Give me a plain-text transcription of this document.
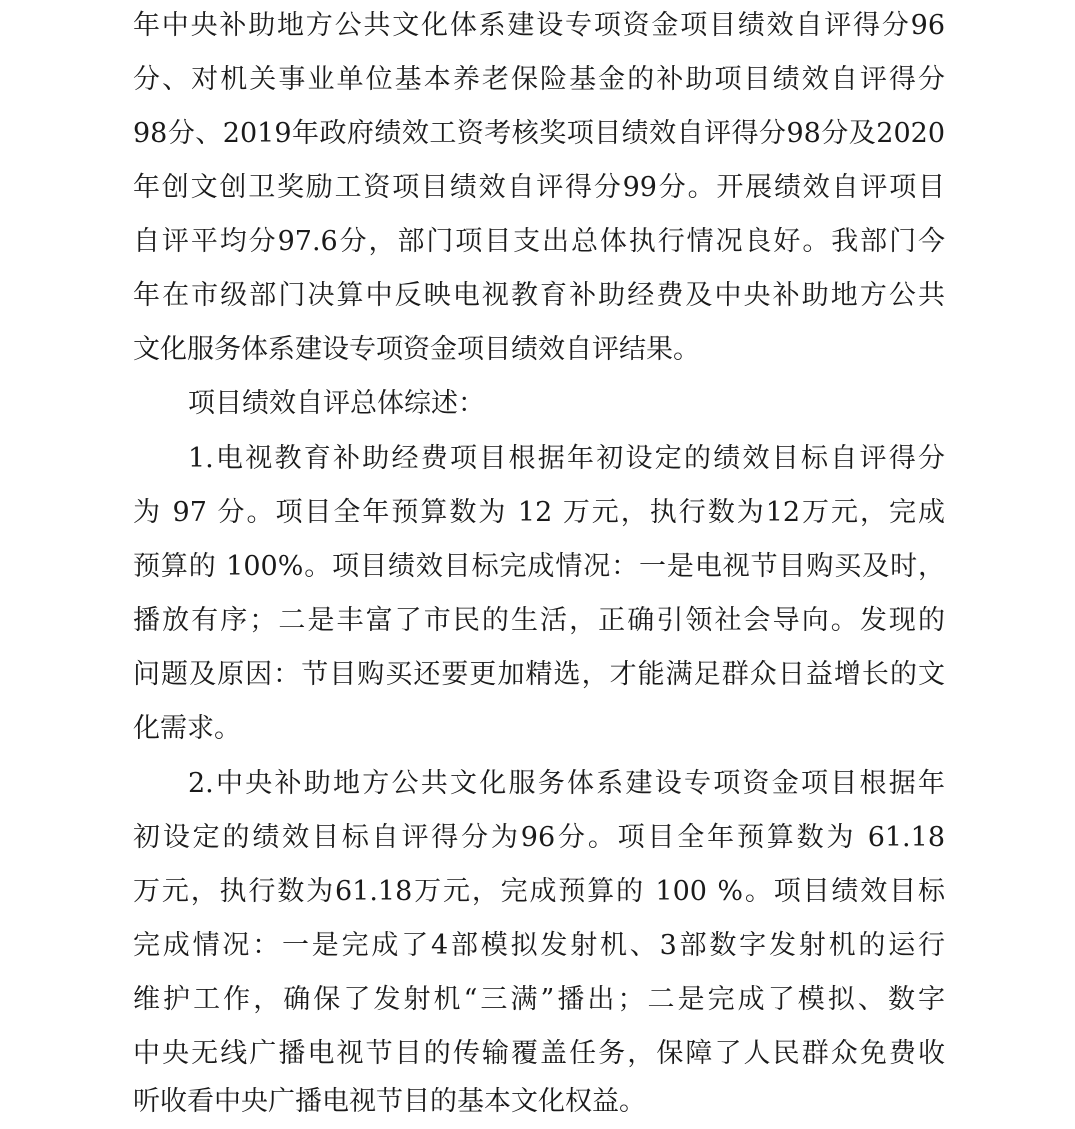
年中央补助地方公共文化体系建设专项资金项目绩效自评得分96
分、对机关事业单位基本养老保险基金的补助项目绩效自评得分
98分、2019年政府绩效工资考核奖项目绩效自评得分98分及2020
年创文创卫奖励工资项目绩效自评得分99分。开展绩效自评项目
自评平均分97.6分，部门项目支出总体执行情况良好。我部门今
年在市级部门决算中反映电视教育补助经费及中央补助地方公共
文化服务体系建设专项资金项目绩效自评结果。
项目绩效自评总体综述：
1.电视教育补助经费项目根据年初设定的绩效目标自评得分
为 97 分。项目全年预算数为 12 万元，执行数为12万元，完成
预算的 100%。项目绩效目标完成情况：一是电视节目购买及时，
播放有序；二是丰富了市民的生活，正确引领社会导向。发现的
问题及原因：节目购买还要更加精选，才能满足群众日益增长的文
化需求。
2.中央补助地方公共文化服务体系建设专项资金项目根据年
初设定的绩效目标自评得分为96分。项目全年预算数为 61.18
万元，执行数为61.18万元，完成预算的 100 %。项目绩效目标
完成情况：一是完成了4部模拟发射机、3部数字发射机的运行
维护工作，确保了发射机“三满”播出；二是完成了模拟、数字
中央无线广播电视节目的传输覆盖任务，保障了人民群众免费收
听收看中央广播电视节目的基本文化权益。
